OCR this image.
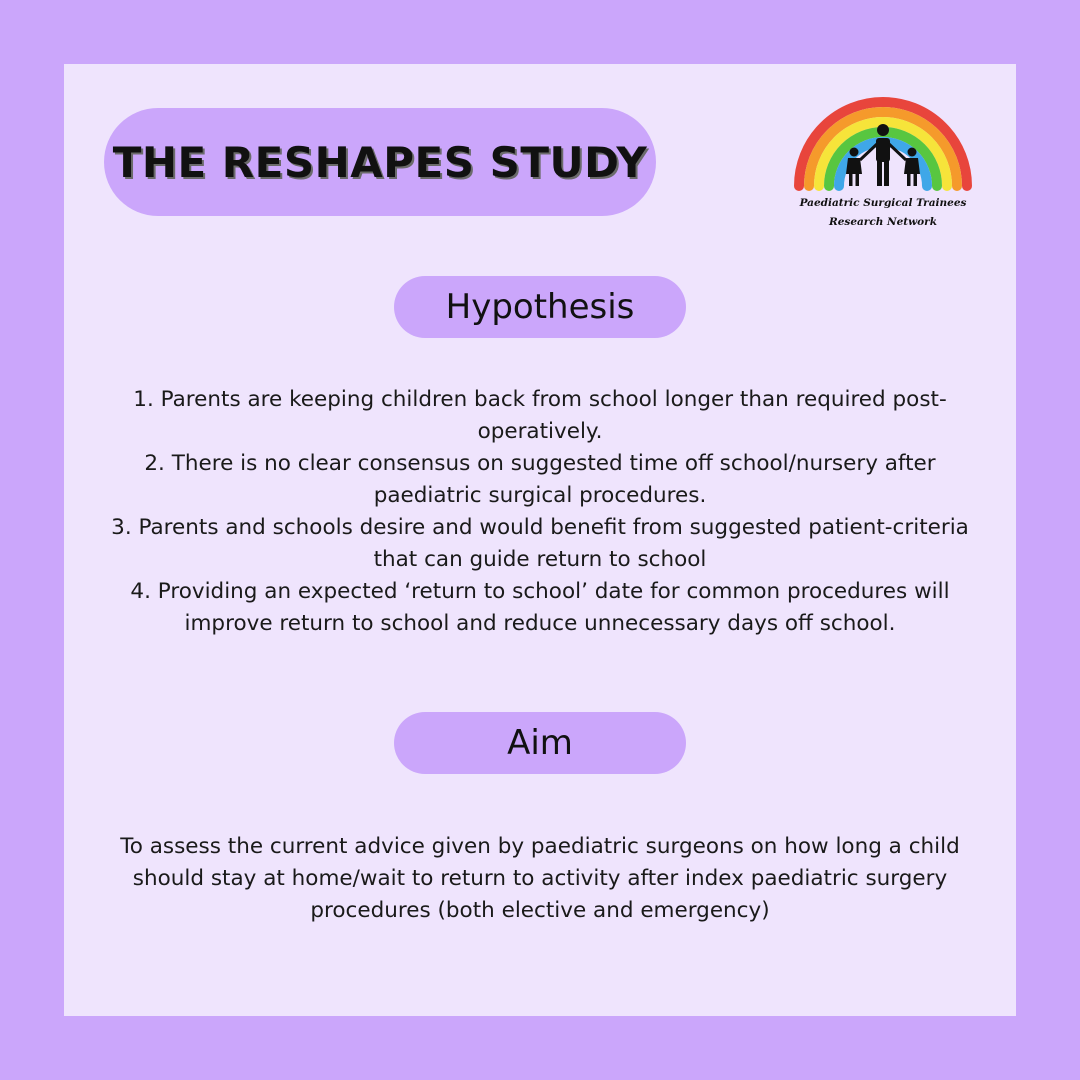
THE RESHAPES STUDY
Paediatric Surgical Trainees
Research Network
Hypothesis

1. Parents are keeping children back from school longer than required post-operatively.

2. There is no clear consensus on suggested time off school/nursery after paediatric surgical procedures.

3. Parents and schools desire and would benefit from suggested patient-criteria that can guide return to school

4. Providing an expected ‘return to school’ date for common procedures will improve return to school and reduce unnecessary days off school.

Aim

To assess the current advice given by paediatric surgeons on how long a child should stay at home/wait to return to activity after index paediatric surgery procedures (both elective and emergency)
